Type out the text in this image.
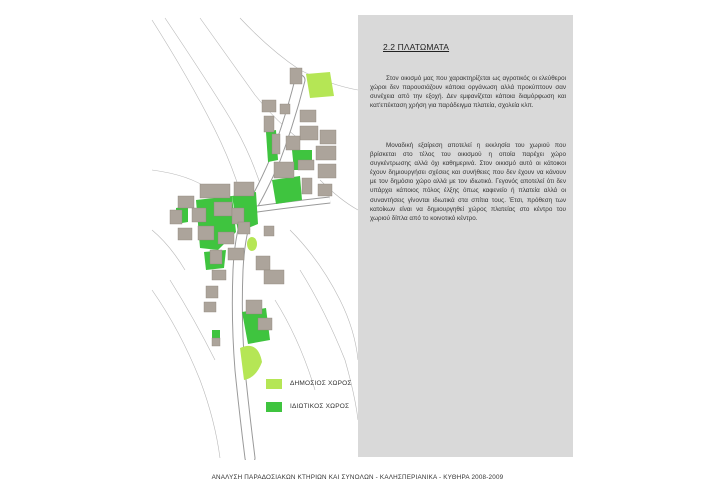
2.2 ΠΛΑΤΩΜΑΤΑ

Στον οικισμό μας που χαρακτηρίζεται ως αγροτικός οι ελεύθεροι χώροι δεν παρουσιάζουν κάποια οργάνωση αλλά προκύπτουν σαν συνέχεια από την εξοχή. Δεν εμφανίζεται κάποια διαμόρφωση και κατ'επέκταση χρήση για παράδειγμα πλατεία, σχολεία κλπ.

Μοναδική εξαίρεση αποτελεί η εκκλησία του χωριού που βρίσκεται στο τέλος του οικισμού η οποία παρέχει χώρο συγκέντρωσης αλλά όχι καθημερινά. Στον οικισμό αυτό οι κάτοικοι έχουν δημιουργήσει σχέσεις και συνήθειες που δεν έχουν να κάνουν με τον δημόσιο χώρο αλλά με τον ιδιωτικό. Γεγονός αποτελεί ότι δεν υπάρχει κάποιος πόλος έλξης όπως καφενείο ή πλατεία αλλά οι συναντήσεις γίνονται ιδιωτικά στα σπίτια τους. Έτσι, πρόθεση των κατοίκων είναι να δημιουργηθεί χώρος πλατείας στο κέντρο του χωριού δίπλα από το κοινοτικό κέντρο.

ΔΗΜΟΣΙΟΣ ΧΩΡΟΣ
ΙΔΙΩΤΙΚΟΣ ΧΩΡΟΣ
ΑΝΑΛΥΣΗ ΠΑΡΑΔΟΣΙΑΚΩΝ ΚΤΗΡΙΩΝ ΚΑΙ ΣΥΝΟΛΩΝ - ΚΑΛΗΣΠΕΡΙΑΝΙΚΑ - ΚΥΘΗΡΑ 2008-2009
